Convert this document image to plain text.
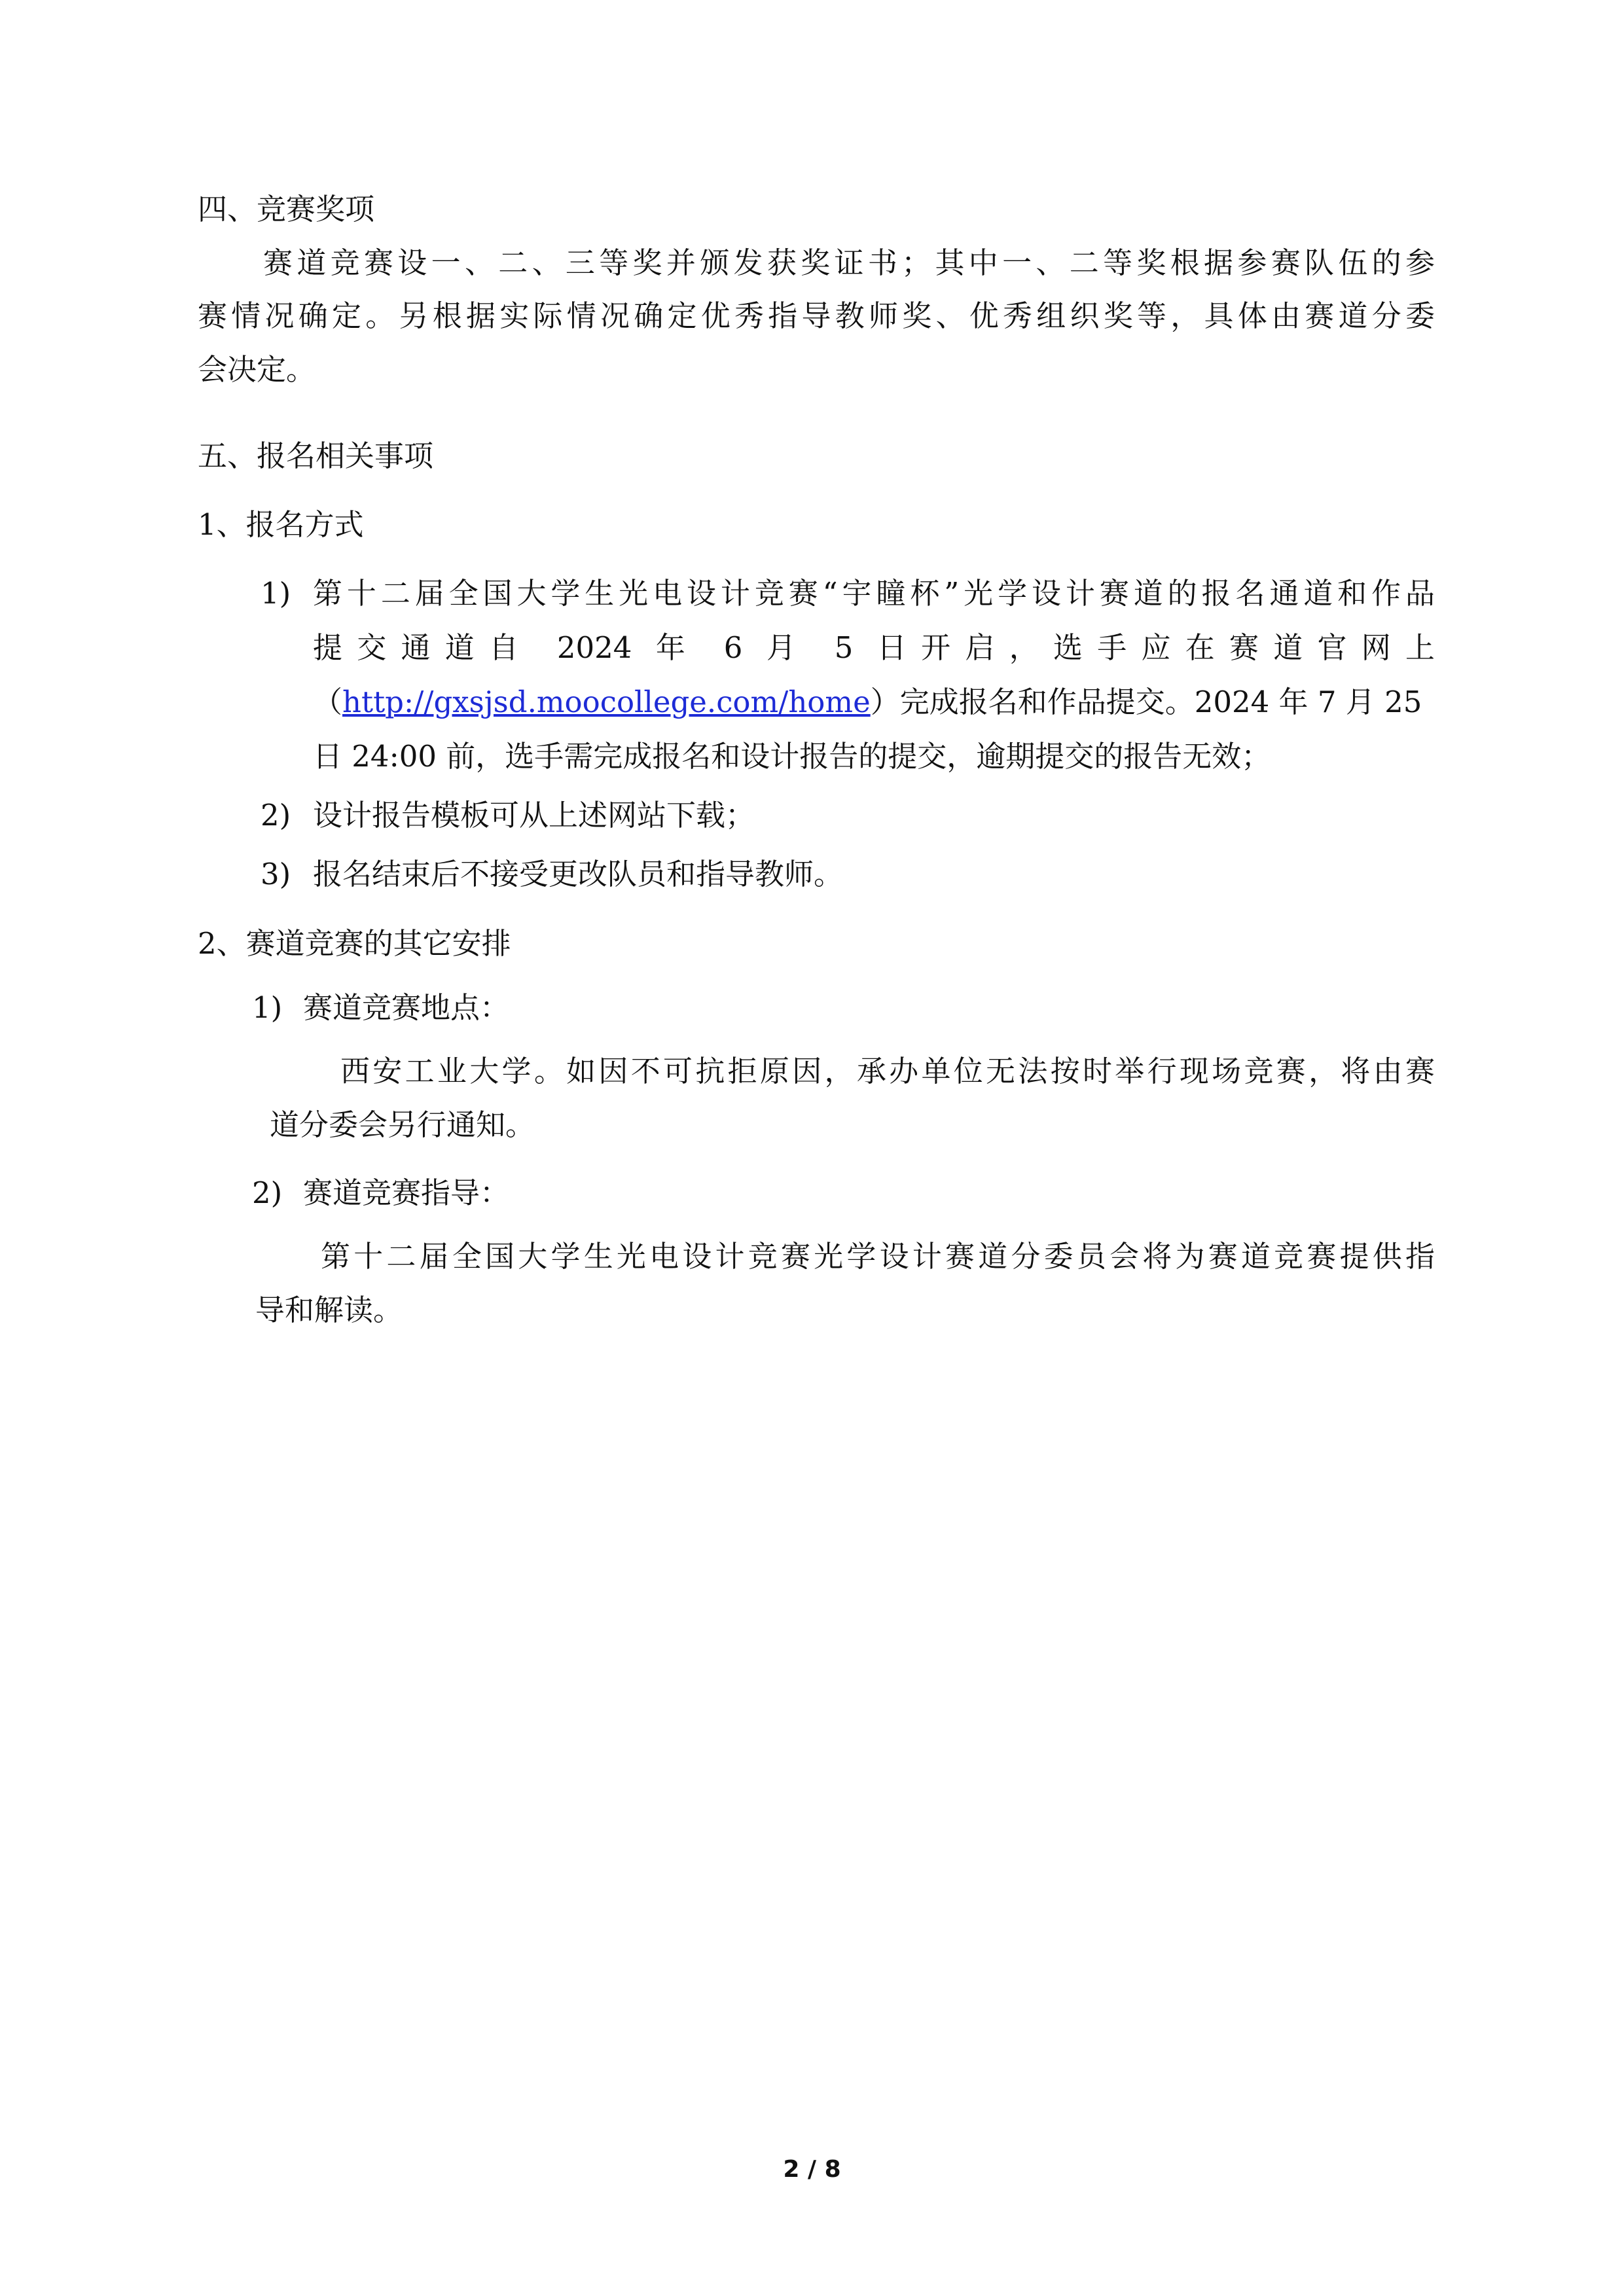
四、竞赛奖项
赛道竞赛设一、二、三等奖并颁发获奖证书；其中一、二等奖根据参赛队伍的参
赛情况确定。另根据实际情况确定优秀指导教师奖、优秀组织奖等，具体由赛道分委
会决定。
五、报名相关事项
1、报名方式
1) 第十二届全国大学生光电设计竞赛“宇瞳杯”光学设计赛道的报名通道和作品
提交通道自 2024 年 6 月 5 日开启，选手应在赛道官网上
（http://gxsjsd.moocollege.com/home）完成报名和作品提交。2024 年 7 月 25
日 24:00 前，选手需完成报名和设计报告的提交，逾期提交的报告无效；
2) 设计报告模板可从上述网站下载；
3) 报名结束后不接受更改队员和指导教师。
2、赛道竞赛的其它安排
1) 赛道竞赛地点：
西安工业大学。如因不可抗拒原因，承办单位无法按时举行现场竞赛，将由赛
道分委会另行通知。
2) 赛道竞赛指导：
第十二届全国大学生光电设计竞赛光学设计赛道分委员会将为赛道竞赛提供指
导和解读。
2 / 8
